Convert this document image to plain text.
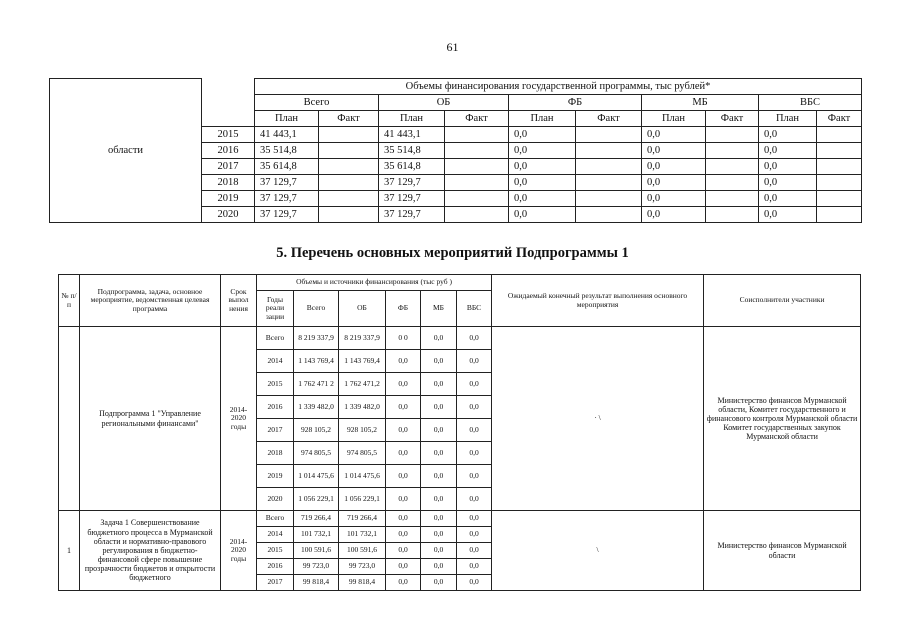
61
области		Объемы финансирования государственной программы, тыс рублей*									
		Всего		ОБ		ФБ		МБ		ВБС	
		План	Факт	План	Факт	План	Факт	План	Факт	План	Факт
	2015	41 443,1		41 443,1		0,0		0,0		0,0	
	2016	35 514,8		35 514,8		0,0		0,0		0,0	
	2017	35 614,8		35 614,8		0,0		0,0		0,0	
	2018	37 129,7		37 129,7		0,0		0,0		0,0	
	2019	37 129,7		37 129,7		0,0		0,0		0,0	
	2020	37 129,7		37 129,7		0,0		0,0		0,0	
5. Перечень основных мероприятий Подпрограммы 1
№ п/п	Подпрограмма, задача, основное мероприятие, ведомственная целевая программа	Срок выпол нения	Объемы и источники финансирования (тыс руб )						Ожидаемый конечный результат выполнения основного мероприятия	Соисполнители участники
			Годы реали зации	Всего	ОБ	ФБ	МБ	ВБС		
	Подпрограмма 1 "Управление региональными финансами"	2014-2020 годы	Всего	8 219 337,9	8 219 337,9	0 0	0,0	0,0	· \	Министерство финансов Мурманской области, Комитет государственного и финансового контроля Мурманской области Комитет государственных закупок Мурманской области
			2014	1 143 769,4	1 143 769,4	0,0	0,0	0,0		
			2015	1 762 471 2	1 762 471,2	0,0	0,0	0,0		
			2016	1 339 482,0	1 339 482,0	0,0	0,0	0,0		
			2017	928 105,2	928 105,2	0,0	0,0	0,0		
			2018	974 805,5	974 805,5	0,0	0,0	0,0		
			2019	1 014 475,6	1 014 475,6	0,0	0,0	0,0		
			2020	1 056 229,1	1 056 229,1	0,0	0,0	0,0		
1	Задача 1 Совершенствование бюджетного процесса в Мурманской области и нормативно-правового регулирования в бюджетно-финансовой сфере повышение прозрачности бюджетов и открытости бюджетного	2014-2020 годы	Всего	719 266,4	719 266,4	0,0	0,0	0,0	\	Министерство финансов Мурманской области
			2014	101 732,1	101 732,1	0,0	0,0	0,0		
			2015	100 591,6	100 591,6	0,0	0,0	0,0		
			2016	99 723,0	99 723,0	0,0	0,0	0,0		
			2017	99 818,4	99 818,4	0,0	0,0	0,0		
